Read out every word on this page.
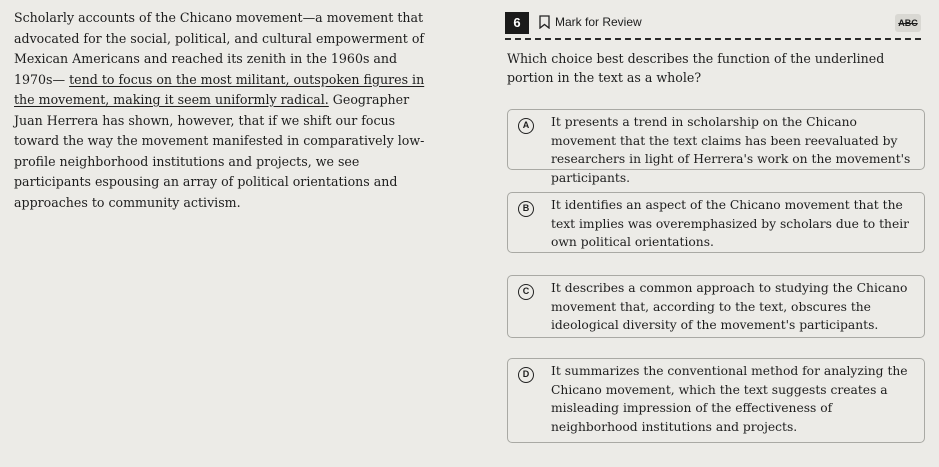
Scholarly accounts of the Chicano movement—a movement that advocated for the social, political, and cultural empowerment of Mexican Americans and reached its zenith in the 1960s and 1970s— tend to focus on the most militant, outspoken figures in the movement, making it seem uniformly radical. Geographer Juan Herrera has shown, however, that if we shift our focus toward the way the movement manifested in comparatively low-profile neighborhood institutions and projects, we see participants espousing an array of political orientations and approaches to community activism.
6	Mark for Review	ABC
Which choice best describes the function of the underlined portion in the text as a whole?
A	It presents a trend in scholarship on the Chicano movement that the text claims has been reevaluated by researchers in light of Herrera's work on the movement's participants.
B	It identifies an aspect of the Chicano movement that the text implies was overemphasized by scholars due to their own political orientations.
C	It describes a common approach to studying the Chicano movement that, according to the text, obscures the ideological diversity of the movement's participants.
D	It summarizes the conventional method for analyzing the Chicano movement, which the text suggests creates a misleading impression of the effectiveness of neighborhood institutions and projects.
